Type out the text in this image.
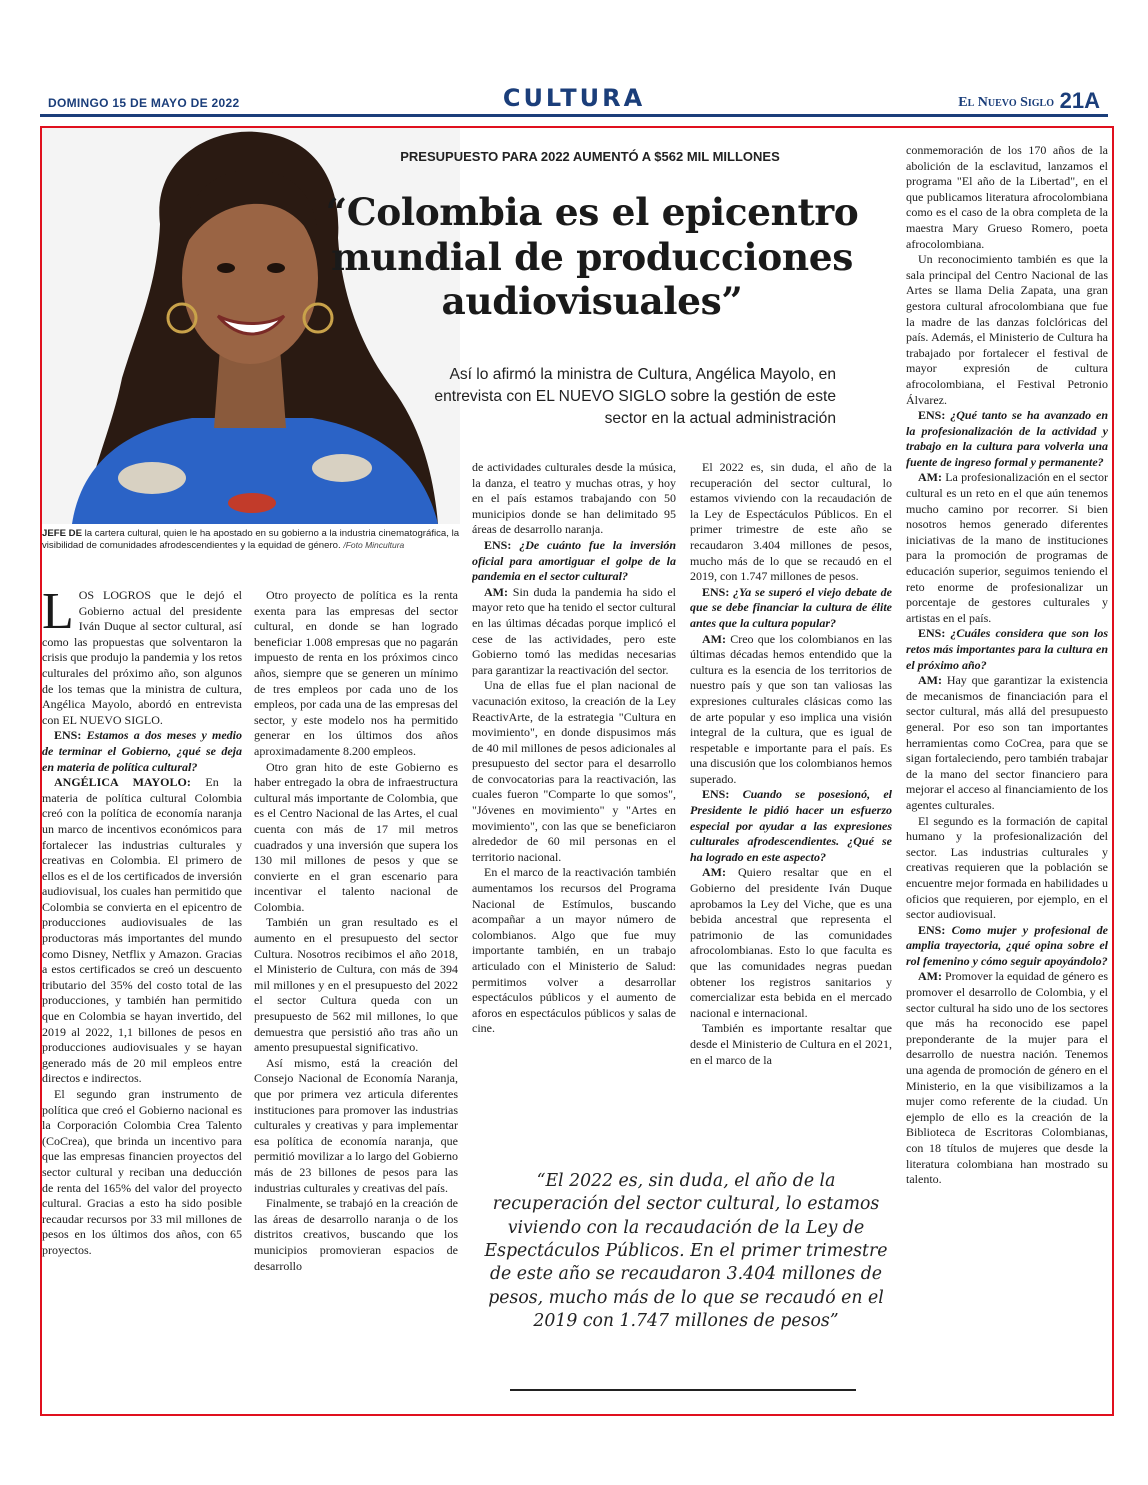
DOMINGO 15 DE MAYO DE 2022	CULTURA	El Nuevo Siglo 21A
JEFE DE la cartera cultural, quien le ha apostado en su gobierno a la industria cinematográfica, la visibilidad de comunidades afrodescendientes y la equidad de género. /Foto Mincultura
PRESUPUESTO PARA 2022 AUMENTÓ A $562 MIL MILLONES
“Colombia es el epicentro mundial de producciones audiovisuales”
Así lo afirmó la ministra de Cultura, Angélica Mayolo, en entrevista con EL NUEVO SIGLO sobre la gestión de este sector en la actual administración

LOS LOGROS que le dejó el Gobierno actual del presidente Iván Duque al sector cultural, así como las propuestas que solventaron la crisis que produjo la pandemia y los retos culturales del próximo año, son algunos de los temas que la ministra de cultura, Angélica Mayolo, abordó en entrevista con EL NUEVO SIGLO.

ENS: Estamos a dos meses y medio de terminar el Gobierno, ¿qué se deja en materia de política cultural?

ANGÉLICA MAYOLO: En la materia de política cultural Colombia creó con la política de economía naranja un marco de incentivos económicos para fortalecer las industrias culturales y creativas en Colombia. El primero de ellos es el de los certificados de inversión audiovisual, los cuales han permitido que Colombia se convierta en el epicentro de producciones audiovisuales de las productoras más importantes del mundo como Disney, Netflix y Amazon. Gracias a estos certificados se creó un descuento tributario del 35% del costo total de las producciones, y también han permitido que en Colombia se hayan invertido, del 2019 al 2022, 1,1 billones de pesos en producciones audiovisuales y se hayan generado más de 20 mil empleos entre directos e indirectos.

El segundo gran instrumento de política que creó el Gobierno nacional es la Corporación Colombia Crea Talento (CoCrea), que brinda un incentivo para que las empresas financien proyectos del sector cultural y reciban una deducción de renta del 165% del valor del proyecto cultural. Gracias a esto ha sido posible recaudar recursos por 33 mil millones de pesos en los últimos dos años, con 65 proyectos.

Otro proyecto de política es la renta exenta para las empresas del sector cultural, en donde se han logrado beneficiar 1.008 empresas que no pagarán impuesto de renta en los próximos cinco años, siempre que se generen un mínimo de tres empleos por cada uno de los empleos, por cada una de las empresas del sector, y este modelo nos ha permitido generar en los últimos dos años aproximadamente 8.200 empleos.

Otro gran hito de este Gobierno es haber entregado la obra de infraestructura cultural más importante de Colombia, que es el Centro Nacional de las Artes, el cual cuenta con más de 17 mil metros cuadrados y una inversión que supera los 130 mil millones de pesos y que se convierte en el gran escenario para incentivar el talento nacional de Colombia.

También un gran resultado es el aumento en el presupuesto del sector Cultura. Nosotros recibimos el año 2018, el Ministerio de Cultura, con más de 394 mil millones y en el presupuesto del 2022 el sector Cultura queda con un presupuesto de 562 mil millones, lo que demuestra que persistió año tras año un amento presupuestal significativo.

Así mismo, está la creación del Consejo Nacional de Economía Naranja, que por primera vez articula diferentes instituciones para promover las industrias culturales y creativas y para implementar esa política de economía naranja, que permitió movilizar a lo largo del Gobierno más de 23 billones de pesos para las industrias culturales y creativas del país.

Finalmente, se trabajó en la creación de las áreas de desarrollo naranja o de los distritos creativos, buscando que los municipios promovieran espacios de desarrollo

de actividades culturales desde la música, la danza, el teatro y muchas otras, y hoy en el país estamos trabajando con 50 municipios donde se han delimitado 95 áreas de desarrollo naranja.

ENS: ¿De cuánto fue la inversión oficial para amortiguar el golpe de la pandemia en el sector cultural?

AM: Sin duda la pandemia ha sido el mayor reto que ha tenido el sector cultural en las últimas décadas porque implicó el cese de las actividades, pero este Gobierno tomó las medidas necesarias para garantizar la reactivación del sector.

Una de ellas fue el plan nacional de vacunación exitoso, la creación de la Ley ReactivArte, de la estrategia "Cultura en movimiento", en donde dispusimos más de 40 mil millones de pesos adicionales al presupuesto del sector para el desarrollo de convocatorias para la reactivación, las cuales fueron "Comparte lo que somos", "Jóvenes en movimiento" y "Artes en movimiento", con las que se beneficiaron alrededor de 60 mil personas en el territorio nacional.

En el marco de la reactivación también aumentamos los recursos del Programa Nacional de Estímulos, buscando acompañar a un mayor número de colombianos. Algo que fue muy importante también, en un trabajo articulado con el Ministerio de Salud: permitimos volver a desarrollar espectáculos públicos y el aumento de aforos en espectáculos públicos y salas de cine.

El 2022 es, sin duda, el año de la recuperación del sector cultural, lo estamos viviendo con la recaudación de la Ley de Espectáculos Públicos. En el primer trimestre de este año se recaudaron 3.404 millones de pesos, mucho más de lo que se recaudó en el 2019, con 1.747 millones de pesos.

ENS: ¿Ya se superó el viejo debate de que se debe financiar la cultura de élite antes que la cultura popular?

AM: Creo que los colombianos en las últimas décadas hemos entendido que la cultura es la esencia de los territorios de nuestro país y que son tan valiosas las expresiones culturales clásicas como las de arte popular y eso implica una visión integral de la cultura, que es igual de respetable e importante para el país. Es una discusión que los colombianos hemos superado.

ENS: Cuando se posesionó, el Presidente le pidió hacer un esfuerzo especial por ayudar a las expresiones culturales afrodescendientes. ¿Qué se ha logrado en este aspecto?

AM: Quiero resaltar que en el Gobierno del presidente Iván Duque aprobamos la Ley del Viche, que es una bebida ancestral que representa el patrimonio de las comunidades afrocolombianas. Esto lo que faculta es que las comunidades negras puedan obtener los registros sanitarios y comercializar esta bebida en el mercado nacional e internacional.

También es importante resaltar que desde el Ministerio de Cultura en el 2021, en el marco de la

“El 2022 es, sin duda, el año de la recuperación del sector cultural, lo estamos viviendo con la recaudación de la Ley de Espectáculos Públicos. En el primer trimestre de este año se recaudaron 3.404 millones de pesos, mucho más de lo que se recaudó en el 2019 con 1.747 millones de pesos”

conmemoración de los 170 años de la abolición de la esclavitud, lanzamos el programa "El año de la Libertad", en el que publicamos literatura afrocolombiana como es el caso de la obra completa de la maestra Mary Grueso Romero, poeta afrocolombiana.

Un reconocimiento también es que la sala principal del Centro Nacional de las Artes se llama Delia Zapata, una gran gestora cultural afrocolombiana que fue la madre de las danzas folclóricas del país. Además, el Ministerio de Cultura ha trabajado por fortalecer el festival de mayor expresión de cultura afrocolombiana, el Festival Petronio Álvarez.

ENS: ¿Qué tanto se ha avanzado en la profesionalización de la actividad y trabajo en la cultura para volverla una fuente de ingreso formal y permanente?

AM: La profesionalización en el sector cultural es un reto en el que aún tenemos mucho camino por recorrer. Si bien nosotros hemos generado diferentes iniciativas de la mano de instituciones para la promoción de programas de educación superior, seguimos teniendo el reto enorme de profesionalizar un porcentaje de gestores culturales y artistas en el país.

ENS: ¿Cuáles considera que son los retos más importantes para la cultura en el próximo año?

AM: Hay que garantizar la existencia de mecanismos de financiación para el sector cultural, más allá del presupuesto general. Por eso son tan importantes herramientas como CoCrea, para que se sigan fortaleciendo, pero también trabajar de la mano del sector financiero para mejorar el acceso al financiamiento de los agentes culturales.

El segundo es la formación de capital humano y la profesionalización del sector. Las industrias culturales y creativas requieren que la población se encuentre mejor formada en habilidades u oficios que requieren, por ejemplo, en el sector audiovisual.

ENS: Como mujer y profesional de amplia trayectoria, ¿qué opina sobre el rol femenino y cómo seguir apoyándolo?

AM: Promover la equidad de género es promover el desarrollo de Colombia, y el sector cultural ha sido uno de los sectores que más ha reconocido ese papel preponderante de la mujer para el desarrollo de nuestra nación. Tenemos una agenda de promoción de género en el Ministerio, en la que visibilizamos a la mujer como referente de la ciudad. Un ejemplo de ello es la creación de la Biblioteca de Escritoras Colombianas, con 18 títulos de mujeres que desde la literatura colombiana han mostrado su talento.
